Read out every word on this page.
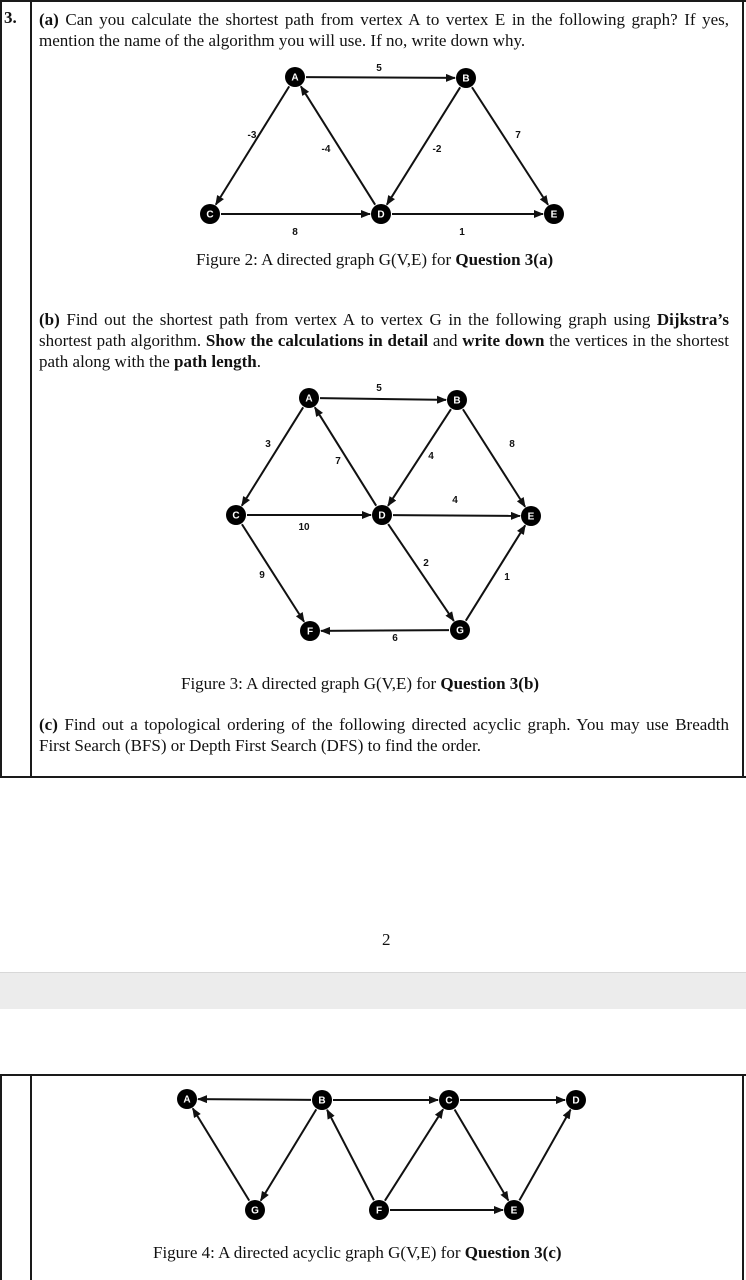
3. (a) Can you calculate the shortest path from vertex A to vertex E in the following graph? If yes, mention the name of the algorithm you will use. If no, write down why.
5
-3
-4	-2
7
8	1
A	B
C	D	E
Figure 2: A directed graph G(V,E) for Question 3(a)
(b) Find out the shortest path from vertex A to vertex G in the following graph using Dijkstra’s shortest path algorithm. Show the calculations in detail and write down the vertices in the shortest path along with the path length.
5
3
7	4
8
10
9
4
2
1
6
A	B
C	D	E
F	G
Figure 3: A directed graph G(V,E) for Question 3(b)
(c) Find out a topological ordering of the following directed acyclic graph. You may use Breadth First Search (BFS) or Depth First Search (DFS) to find the order.
2
A	B	C	D
G	F	E
Figure 4: A directed acyclic graph G(V,E) for Question 3(c)
